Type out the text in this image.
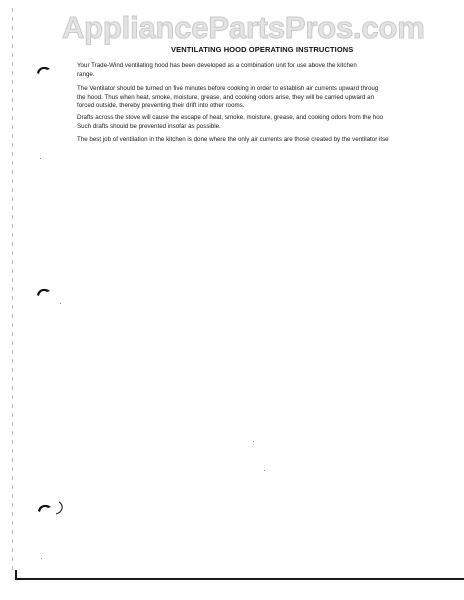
AppliancePartsPros.com
VENTILATING HOOD OPERATING INSTRUCTIONS
Your Trade-Wind ventilating hood has been developed as a combination unit for use above the kitchen
range.
The Ventilator should be turned on five minutes before cooking in order to establish air currents upward throug
the hood. Thus when heat, smoke, moisture, grease, and cooking odors arise, they will be carried upward an
forced outside, thereby preventing their drift into other rooms.
Drafts across the stove will cause the escape of heat, smoke, moisture, grease, and cooking odors from the hoo
Such drafts should be prevented insofar as possible.
The best job of ventilation in the kitchen is done where the only air currents are those created by the ventilator itse
